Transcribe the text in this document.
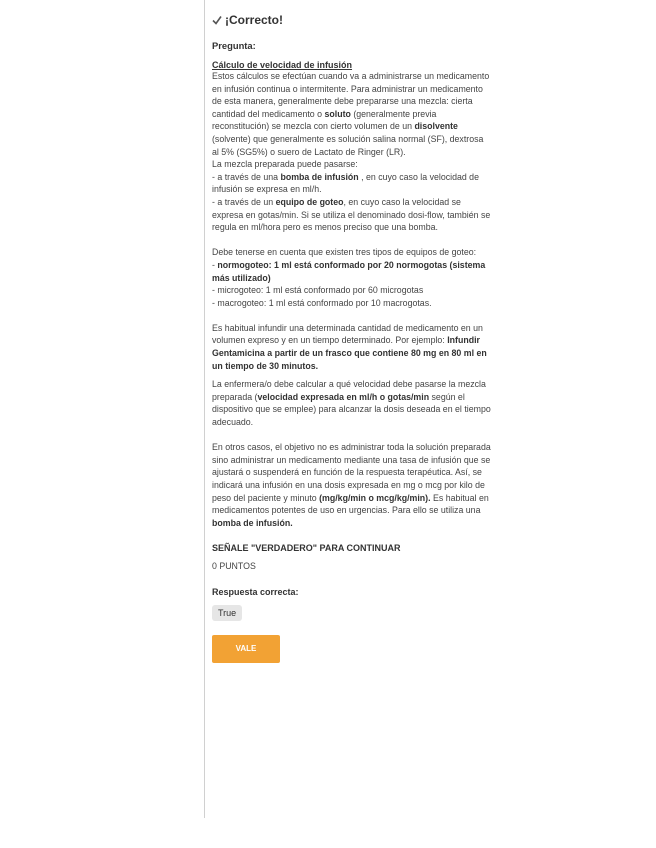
¡Correcto!
Pregunta:
Cálculo de velocidad de infusión

Estos cálculos se efectúan cuando va a administrarse un medicamento en infusión continua o intermitente. Para administrar un medicamento de esta manera, generalmente debe prepararse una mezcla: cierta cantidad del medicamento o soluto (generalmente previa reconstitución) se mezcla con cierto volumen de un disolvente (solvente) que generalmente es solución salina normal (SF), dextrosa al 5% (SG5%) o suero de Lactato de Ringer (LR).

La mezcla preparada puede pasarse:

- a través de una bomba de infusión , en cuyo caso la velocidad de infusión se expresa en ml/h.

- a través de un equipo de goteo, en cuyo caso la velocidad se expresa en gotas/min. Si se utiliza el denominado dosi-flow, también se regula en ml/hora pero es menos preciso que una bomba.

Debe tenerse en cuenta que existen tres tipos de equipos de goteo:

- normogoteo: 1 ml está conformado por 20 normogotas (sistema más utilizado)

- microgoteo: 1 ml está conformado por 60 microgotas

- macrogoteo: 1 ml está conformado por 10 macrogotas.

Es habitual infundir una determinada cantidad de medicamento en un volumen expreso y en un tiempo determinado. Por ejemplo: Infundir Gentamicina a partir de un frasco que contiene 80 mg en 80 ml en un tiempo de 30 minutos.

La enfermera/o debe calcular a qué velocidad debe pasarse la mezcla preparada (velocidad expresada en ml/h o gotas/min según el dispositivo que se emplee) para alcanzar la dosis deseada en el tiempo adecuado.

En otros casos, el objetivo no es administrar toda la solución preparada sino administrar un medicamento mediante una tasa de infusión que se ajustará o suspenderá en función de la respuesta terapéutica. Así, se indicará una infusión en una dosis expresada en mg o mcg por kilo de peso del paciente y minuto (mg/kg/min o mcg/kg/min). Es habitual en medicamentos potentes de uso en urgencias. Para ello se utiliza una bomba de infusión.

SEÑALE "VERDADERO" PARA CONTINUAR
0 PUNTOS
Respuesta correcta:
True
VALE
